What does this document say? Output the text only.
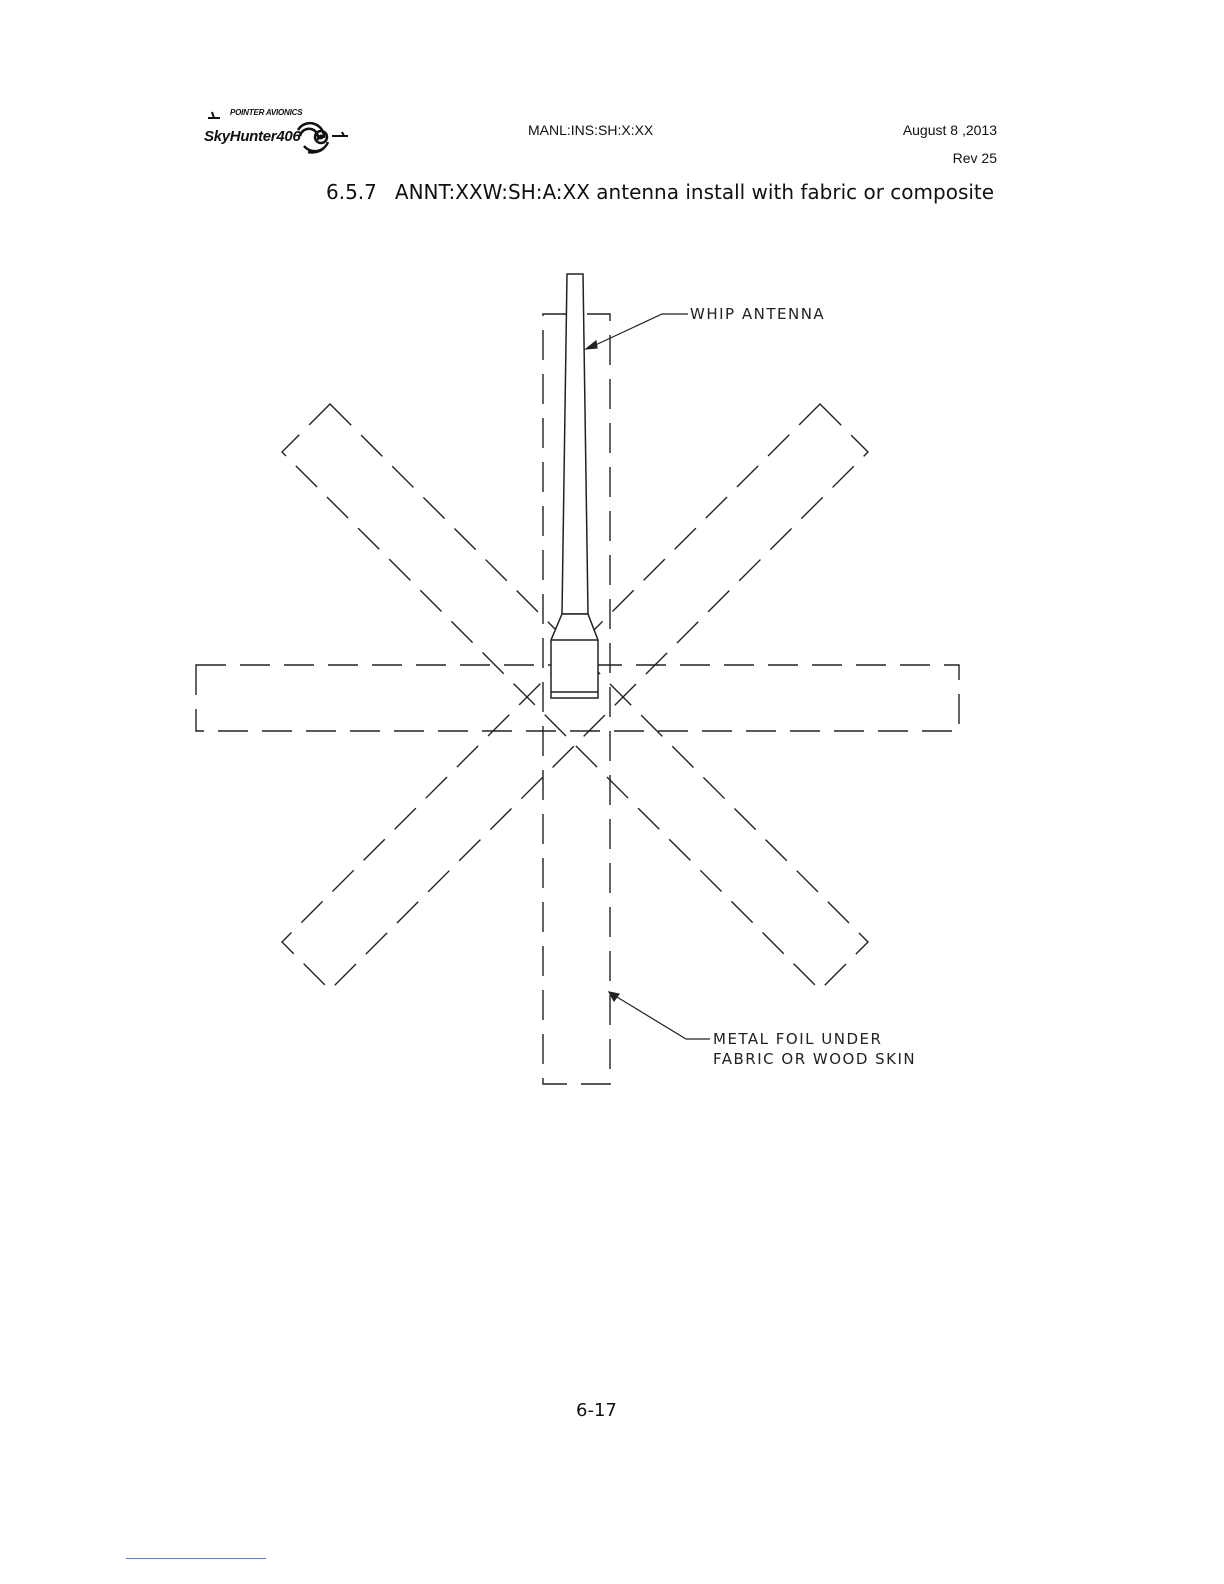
POINTER AVIONICS
SkyHunter406	MANL:INS:SH:X:XX	August 8 ,2013
Rev 25
6.5.7 ANNT:XXW:SH:A:XX antenna install with fabric or composite
WHIP ANTENNA
METAL FOIL UNDER
FABRIC OR WOOD SKIN
6-17
